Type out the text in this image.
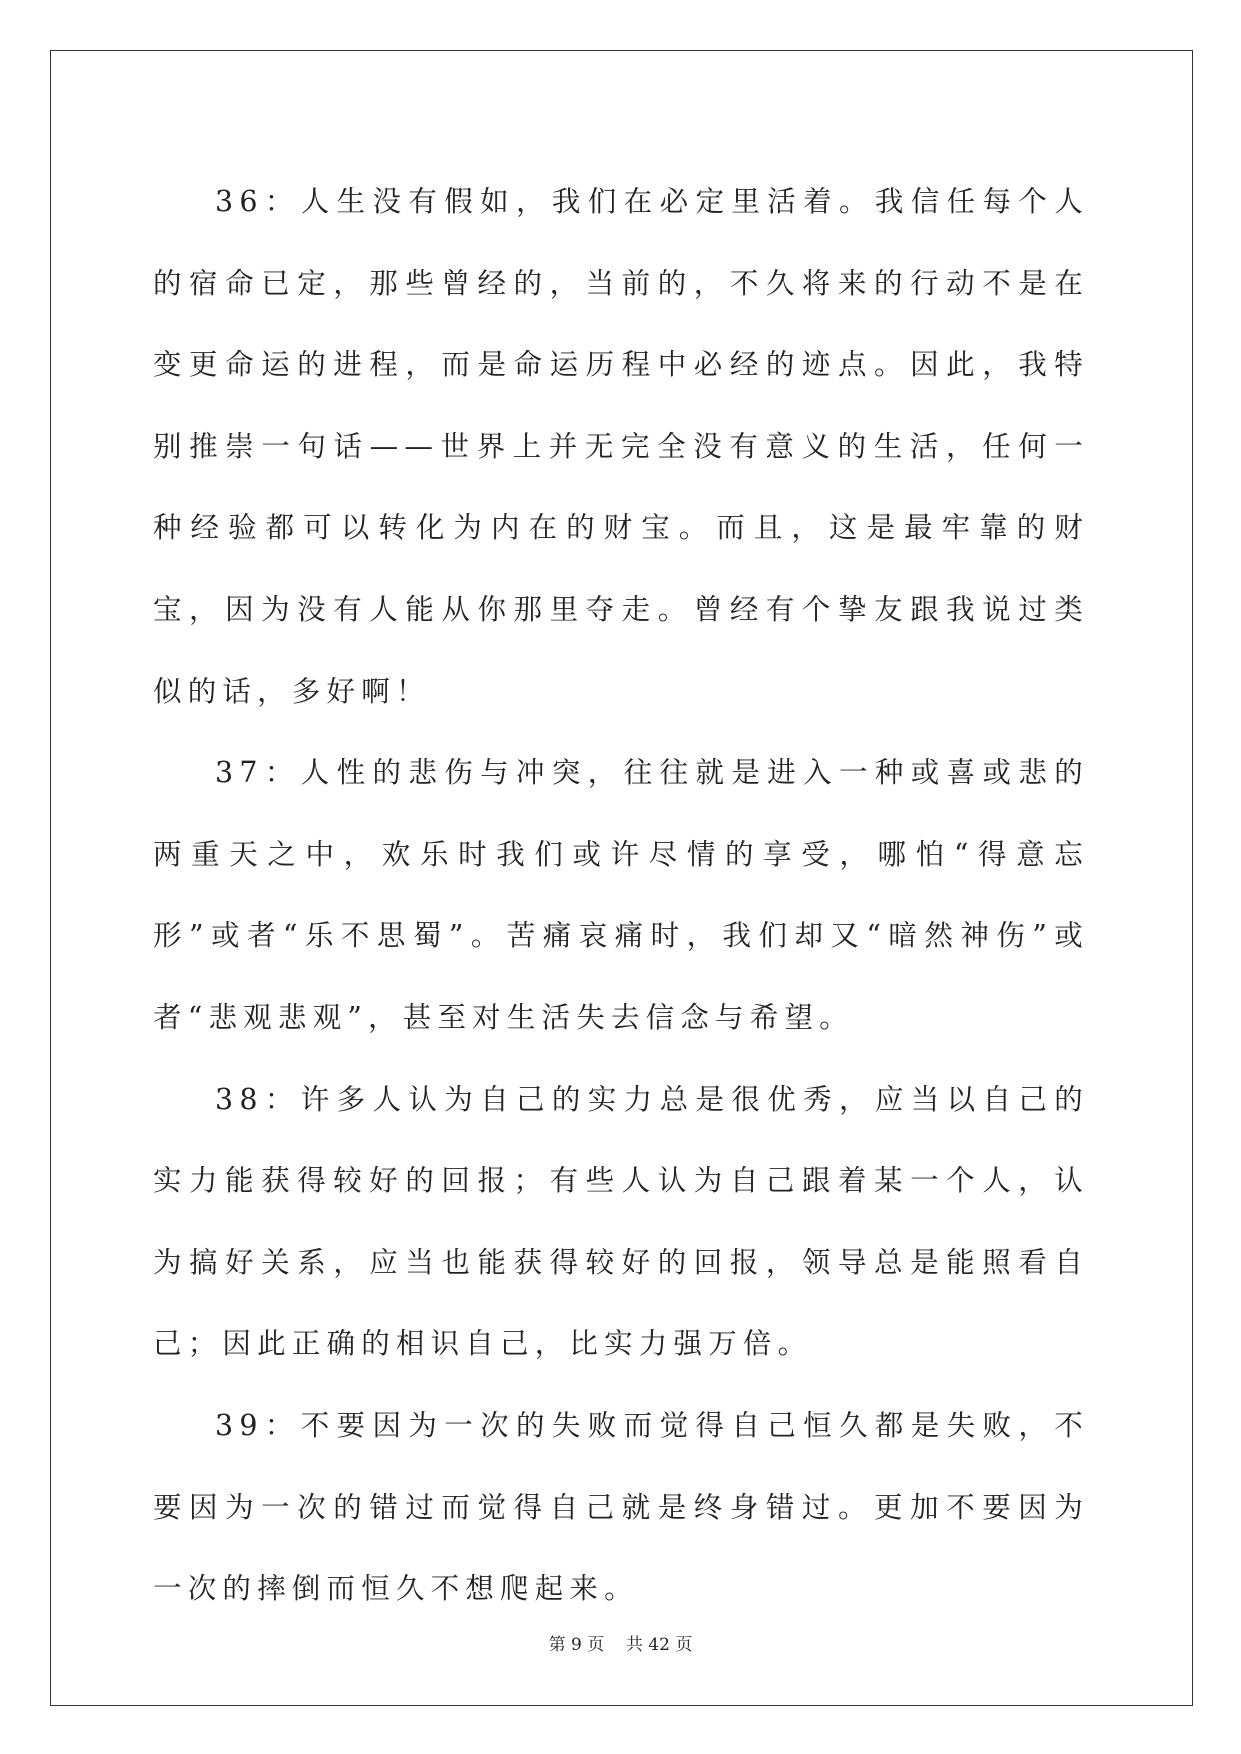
36：人生没有假如，我们在必定里活着。我信任每个人的宿命已定，那些曾经的，当前的，不久将来的行动不是在变更命运的进程，而是命运历程中必经的迹点。因此，我特别推崇一句话——世界上并无完全没有意义的生活，任何一种经验都可以转化为内在的财宝。而且，这是最牢靠的财宝，因为没有人能从你那里夺走。曾经有个挚友跟我说过类似的话，多好啊！

37：人性的悲伤与冲突，往往就是进入一种或喜或悲的两重天之中，欢乐时我们或许尽情的享受，哪怕“得意忘形”或者“乐不思蜀”。苦痛哀痛时，我们却又“暗然神伤”或者“悲观悲观”，甚至对生活失去信念与希望。

38：许多人认为自己的实力总是很优秀，应当以自己的实力能获得较好的回报；有些人认为自己跟着某一个人，认为搞好关系，应当也能获得较好的回报，领导总是能照看自己；因此正确的相识自己，比实力强万倍。

39：不要因为一次的失败而觉得自己恒久都是失败，不要因为一次的错过而觉得自己就是终身错过。更加不要因为一次的摔倒而恒久不想爬起来。

第 9 页 共 42 页
